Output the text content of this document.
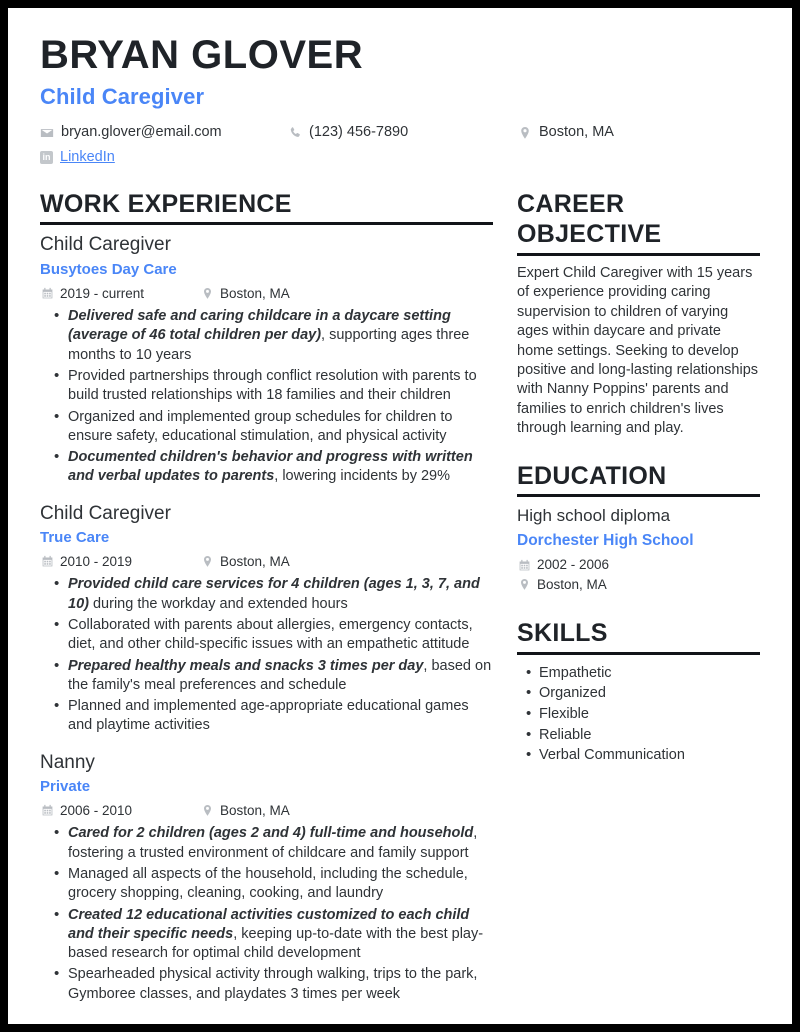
BRYAN GLOVER
Child Caregiver
bryan.glover@email.com	(123) 456-7890	Boston, MA
in LinkedIn
WORK EXPERIENCE
Child Caregiver
Busytoes Day Care
2019 - current	Boston, MA
• Delivered safe and caring childcare in a daycare setting (average of 46 total children per day), supporting ages three months to 10 years
• Provided partnerships through conflict resolution with parents to build trusted relationships with 18 families and their children
• Organized and implemented group schedules for children to ensure safety, educational stimulation, and physical activity
• Documented children's behavior and progress with written and verbal updates to parents, lowering incidents by 29%
Child Caregiver
True Care
2010 - 2019	Boston, MA
• Provided child care services for 4 children (ages 1, 3, 7, and 10) during the workday and extended hours
• Collaborated with parents about allergies, emergency contacts, diet, and other child-specific issues with an empathetic attitude
• Prepared healthy meals and snacks 3 times per day, based on the family's meal preferences and schedule
• Planned and implemented age-appropriate educational games and playtime activities
Nanny
Private
2006 - 2010	Boston, MA
• Cared for 2 children (ages 2 and 4) full-time and household, fostering a trusted environment of childcare and family support
• Managed all aspects of the household, including the schedule, grocery shopping, cleaning, cooking, and laundry
• Created 12 educational activities customized to each child and their specific needs, keeping up-to-date with the best play-based research for optimal child development
• Spearheaded physical activity through walking, trips to the park, Gymboree classes, and playdates 3 times per week
CAREER OBJECTIVE
Expert Child Caregiver with 15 years of experience providing caring supervision to children of varying ages within daycare and private home settings. Seeking to develop positive and long-lasting relationships with Nanny Poppins' parents and families to enrich children's lives through learning and play.
EDUCATION
High school diploma
Dorchester High School
2002 - 2006
Boston, MA
SKILLS
• Empathetic
• Organized
• Flexible
• Reliable
• Verbal Communication
